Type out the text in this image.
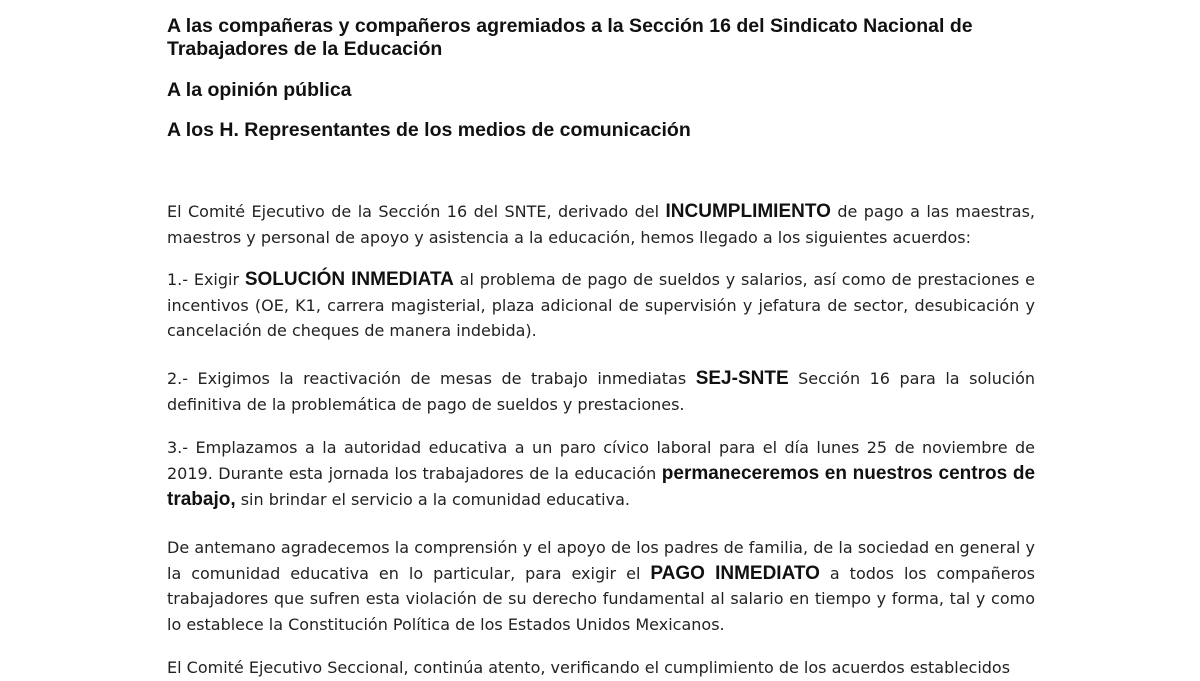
A las compañeras y compañeros agremiados a la Sección 16 del Sindicato Nacional de Trabajadores de la Educación
A la opinión pública
A los H. Representantes de los medios de comunicación
El Comité Ejecutivo de la Sección 16 del SNTE, derivado del INCUMPLIMIENTO de pago a las maestras, maestros y personal de apoyo y asistencia a la educación, hemos llegado a los siguientes acuerdos:
1.- Exigir SOLUCIÓN INMEDIATA al problema de pago de sueldos y salarios, así como de prestaciones e incentivos (OE, K1, carrera magisterial, plaza adicional de supervisión y jefatura de sector, desubicación y cancelación de cheques de manera indebida).
2.- Exigimos la reactivación de mesas de trabajo inmediatas SEJ-SNTE Sección 16 para la solución definitiva de la problemática de pago de sueldos y prestaciones.
3.- Emplazamos a la autoridad educativa a un paro cívico laboral para el día lunes 25 de noviembre de 2019. Durante esta jornada los trabajadores de la educación permaneceremos en nuestros centros de trabajo, sin brindar el servicio a la comunidad educativa.
De antemano agradecemos la comprensión y el apoyo de los padres de familia, de la sociedad en general y la comunidad educativa en lo particular, para exigir el PAGO INMEDIATO a todos los compañeros trabajadores que sufren esta violación de su derecho fundamental al salario en tiempo y forma, tal y como lo establece la Constitución Política de los Estados Unidos Mexicanos.
El Comité Ejecutivo Seccional, continúa atento, verificando el cumplimiento de los acuerdos establecidos
